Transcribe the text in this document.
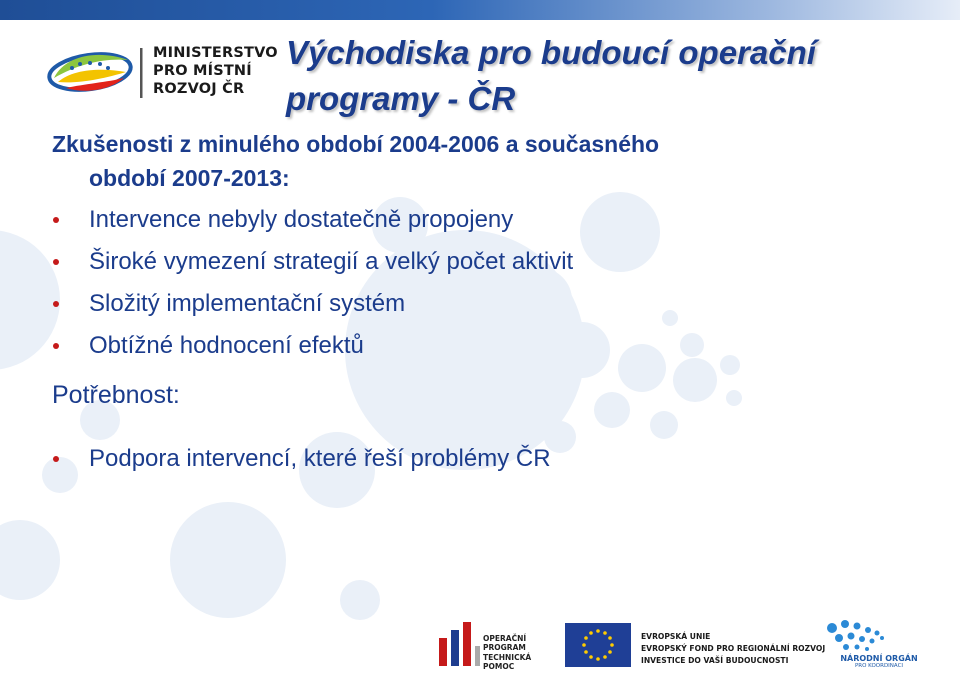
MINISTERSTVO
PRO MÍSTNÍ
ROZVOJ ČR
Východiska pro budoucí operační
programy - ČR

Zkušenosti z minulého období 2004-2006 a současného

období 2007-2013:

Intervence nebyly dostatečně propojeny
Široké vymezení strategií a velký počet aktivit
Složitý implementační systém
Obtížné hodnocení efektů

Potřebnost:

Podpora intervencí, které řeší problémy ČR
OPERAČNÍ
PROGRAM
TECHNICKÁ
POMOC
EVROPSKÁ UNIE
EVROPSKÝ FOND PRO REGIONÁLNÍ ROZVOJ
INVESTICE DO VAŠÍ BUDOUCNOSTI	NÁRODNÍ ORGÁN
PRO KOORDINACI
